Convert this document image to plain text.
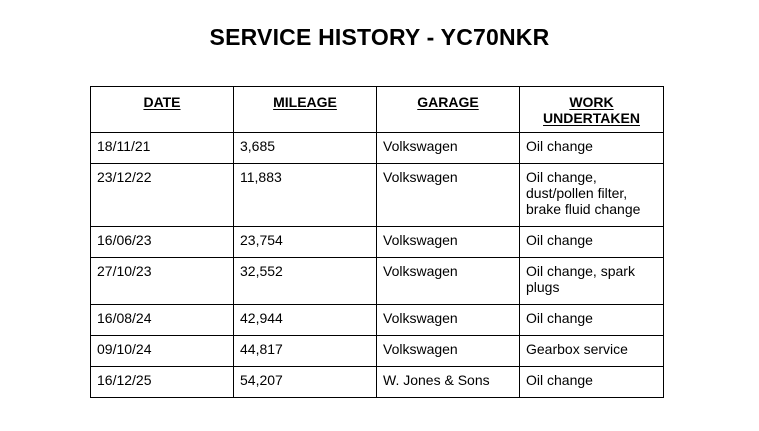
SERVICE HISTORY - YC70NKR
DATE	MILEAGE	GARAGE	WORK UNDERTAKEN
18/11/21	3,685	Volkswagen	Oil change
23/12/22	11,883	Volkswagen	Oil change, dust/pollen filter, brake fluid change
16/06/23	23,754	Volkswagen	Oil change
27/10/23	32,552	Volkswagen	Oil change, spark plugs
16/08/24	42,944	Volkswagen	Oil change
09/10/24	44,817	Volkswagen	Gearbox service
16/12/25	54,207	W. Jones & Sons	Oil change
